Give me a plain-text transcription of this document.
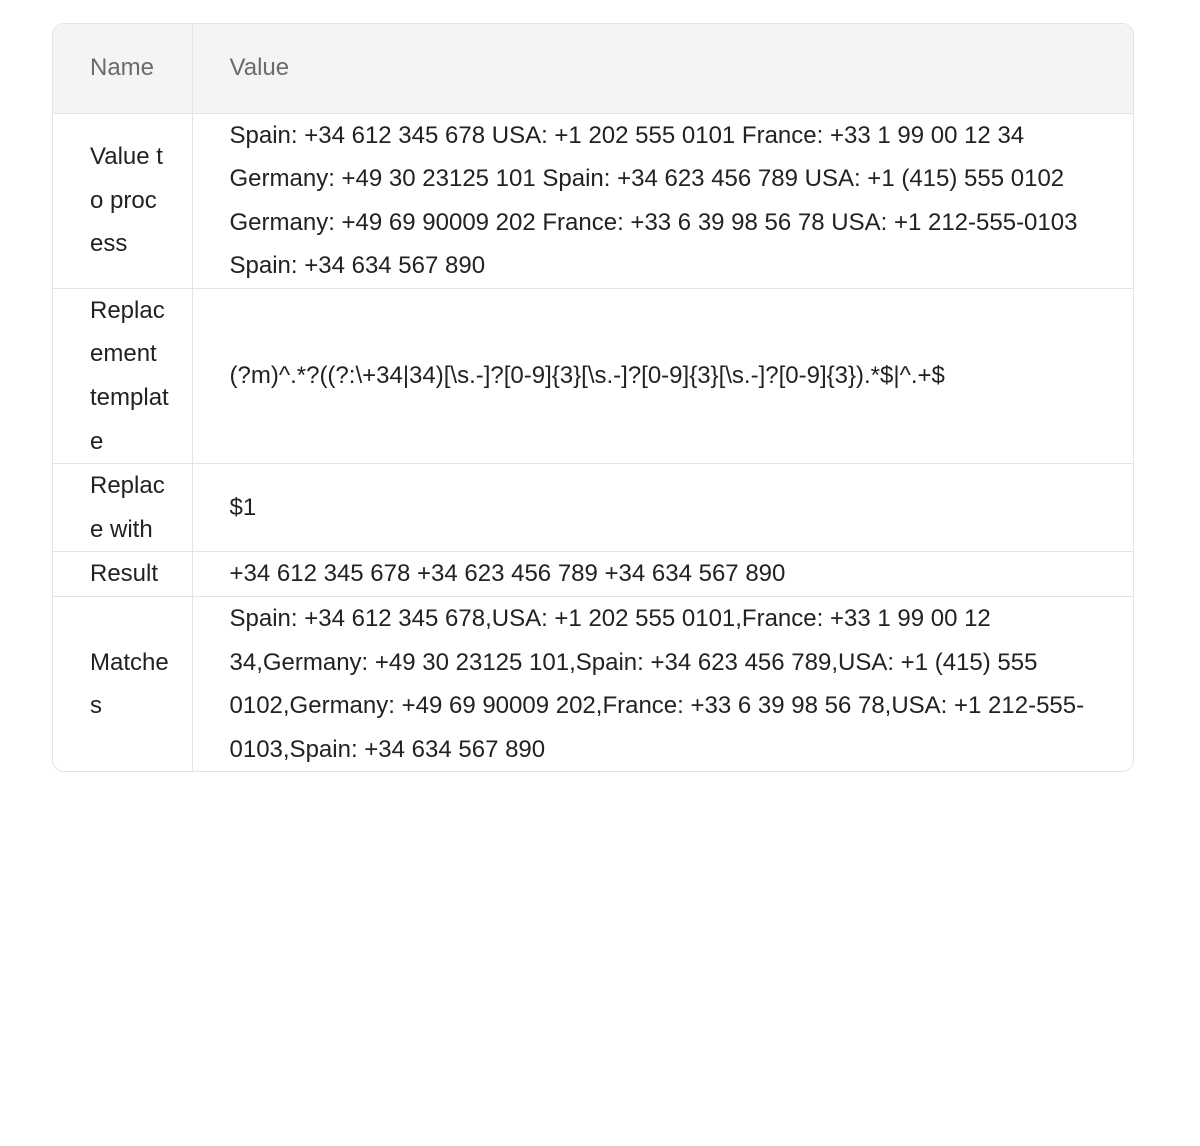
Name	Value
Value to process	Spain: +34 612 345 678 USA: +1 202 555 0101 France: +33 1 99 00 12 34 Germany: +49 30 23125 101 Spain: +34 623 456 789 USA: +1 (415) 555 0102 Germany: +49 69 90009 202 France: +33 6 39 98 56 78 USA: +1 212-555-0103 Spain: +34 634 567 890
Replacement template	(?m)^.*?((?:\+34|34)[\s.-]?[0-9]{3}[\s.-]?[0-9]{3}[\s.-]?[0-9]{3}).*$|^.+$
Replace with	$1
Result	+34 612 345 678 +34 623 456 789 +34 634 567 890
Matches	Spain: +34 612 345 678,USA: +1 202 555 0101,France: +33 1 99 00 12 34,Germany: +49 30 23125 101,Spain: +34 623 456 789,USA: +1 (415) 555 0102,Germany: +49 69 90009 202,France: +33 6 39 98 56 78,USA: +1 212-555-0103,Spain: +34 634 567 890
